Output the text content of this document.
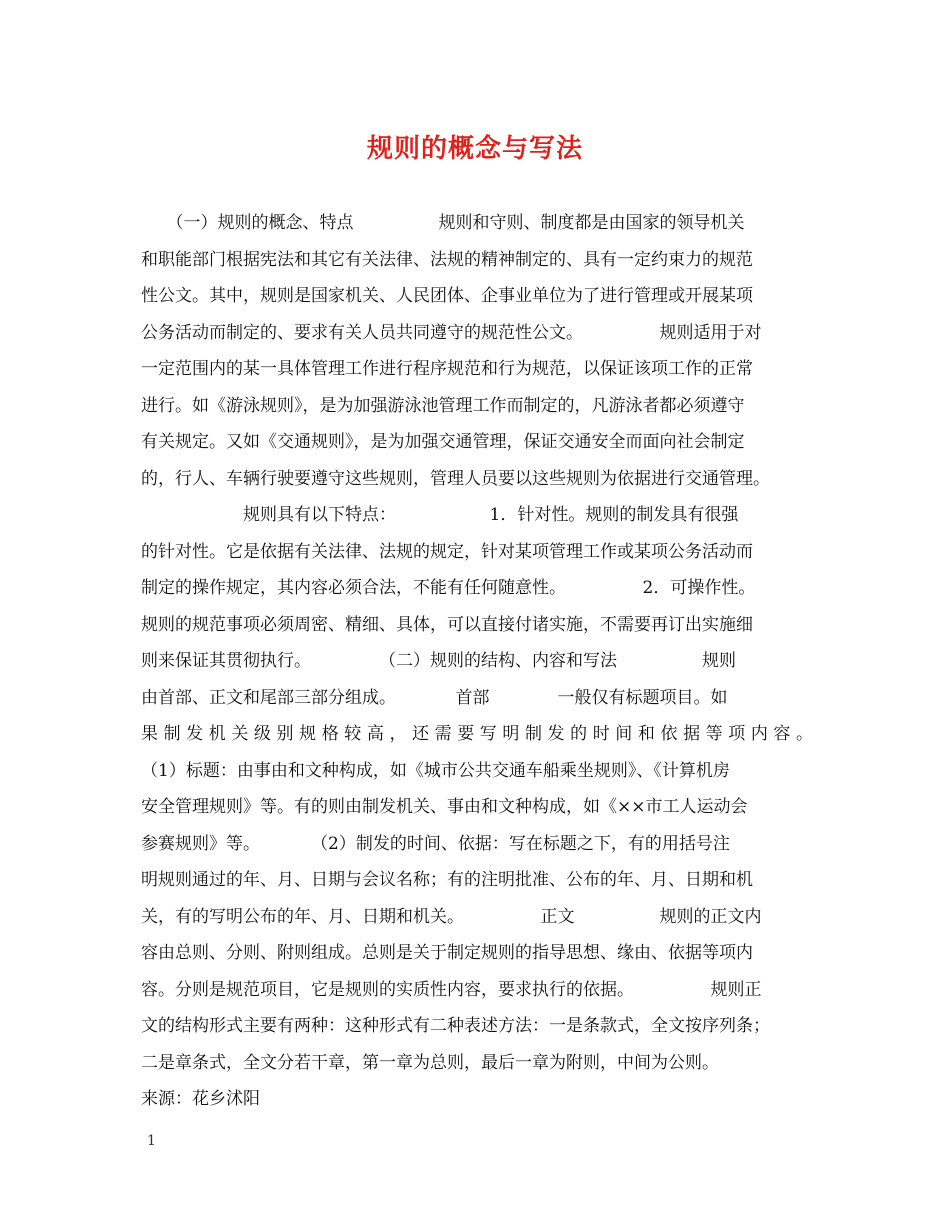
规则的概念与写法
　　（一）规则的概念、特点　　　　　规则和守则、制度都是由国家的领导机关
和职能部门根据宪法和其它有关法律、法规的精神制定的、具有一定约束力的规范
性公文。其中，规则是国家机关、人民团体、企事业单位为了进行管理或开展某项
公务活动而制定的、要求有关人员共同遵守的规范性公文。　　　　　规则适用于对
一定范围内的某一具体管理工作进行程序规范和行为规范，以保证该项工作的正常
进行。如《游泳规则》，是为加强游泳池管理工作而制定的，凡游泳者都必须遵守
有关规定。又如《交通规则》，是为加强交通管理，保证交通安全而面向社会制定
的，行人、车辆行驶要遵守这些规则，管理人员要以这些规则为依据进行交通管理。
　　　　　　规则具有以下特点：　　　　　　1．针对性。规则的制发具有很强
的针对性。它是依据有关法律、法规的规定，针对某项管理工作或某项公务活动而
制定的操作规定，其内容必须合法，不能有任何随意性。　　　　　2．可操作性。
规则的规范事项必须周密、精细、具体，可以直接付诸实施，不需要再订出实施细
则来保证其贯彻执行。　　　　　（二）规则的结构、内容和写法　　　　　规则
由首部、正文和尾部三部分组成。　　　　首部　　　　一般仅有标题项目。如
果制发机关级别规格较高，还需要写明制发的时间和依据等项内容。
（1）标题：由事由和文种构成，如《城市公共交通车船乘坐规则》、《计算机房
安全管理规则》等。有的则由制发机关、事由和文种构成，如《××市工人运动会
参赛规则》等。　　　　（2）制发的时间、依据：写在标题之下，有的用括号注
明规则通过的年、月、日期与会议名称；有的注明批准、公布的年、月、日期和机
关，有的写明公布的年、月、日期和机关。　　　　　正文　　　　　规则的正文内
容由总则、分则、附则组成。总则是关于制定规则的指导思想、缘由、依据等项内
容。分则是规范项目，它是规则的实质性内容，要求执行的依据。　　　　　规则正
文的结构形式主要有两种：这种形式有二种表述方法：一是条款式，全文按序列条；
二是章条式，全文分若干章，第一章为总则，最后一章为附则，中间为公则。
来源：花乡沭阳
1
